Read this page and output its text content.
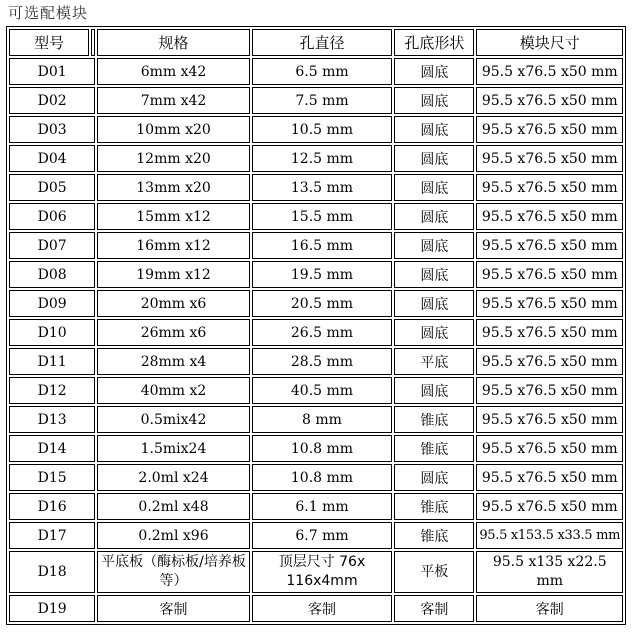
可选配模块
型号		规格	孔直径	孔底形状	模块尺寸
D01		6mm x42	6.5 mm	圆底	95.5 x76.5 x50 mm
D02		7mm x42	7.5 mm	圆底	95.5 x76.5 x50 mm
D03		10mm x20	10.5 mm	圆底	95.5 x76.5 x50 mm
D04		12mm x20	12.5 mm	圆底	95.5 x76.5 x50 mm
D05		13mm x20	13.5 mm	圆底	95.5 x76.5 x50 mm
D06		15mm x12	15.5 mm	圆底	95.5 x76.5 x50 mm
D07		16mm x12	16.5 mm	圆底	95.5 x76.5 x50 mm
D08		19mm x12	19.5 mm	圆底	95.5 x76.5 x50 mm
D09		20mm x6	20.5 mm	圆底	95.5 x76.5 x50 mm
D10		26mm x6	26.5 mm	圆底	95.5 x76.5 x50 mm
D11		28mm x4	28.5 mm	平底	95.5 x76.5 x50 mm
D12		40mm x2	40.5 mm	圆底	95.5 x76.5 x50 mm
D13		0.5mix42	8 mm	锥底	95.5 x76.5 x50 mm
D14		1.5mix24	10.8 mm	锥底	95.5 x76.5 x50 mm
D15		2.0ml x24	10.8 mm	圆底	95.5 x76.5 x50 mm
D16		0.2ml x48	6.1 mm	锥底	95.5 x76.5 x50 mm
D17		0.2ml x96	6.7 mm	锥底	95.5 x153.5 x33.5 mm
D18		平底板（酶标板/培养板等）	顶层尺寸 76x 116x4mm	平板	95.5 x135 x22.5 mm
D19		客制	客制	客制	客制
